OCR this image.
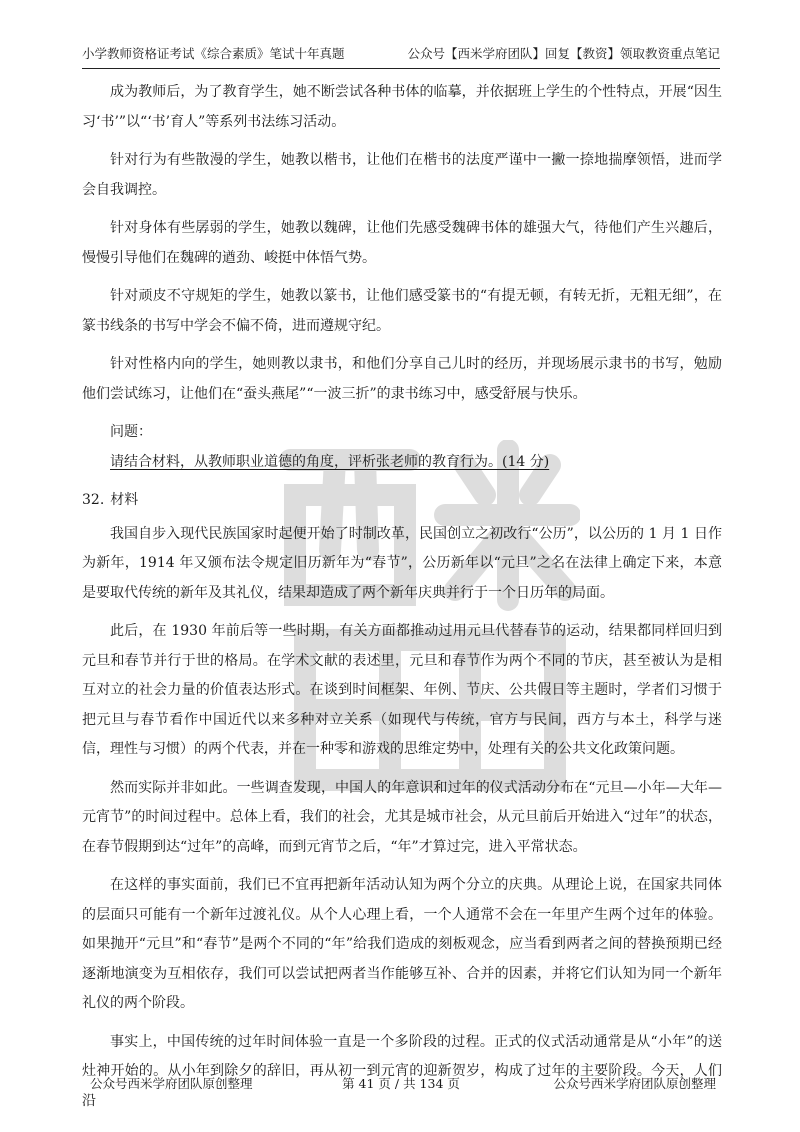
小学教师资格证考试《综合素质》笔试十年真题	公众号【西米学府团队】回复【教资】领取教资重点笔记

成为教师后，为了教育学生，她不断尝试各种书体的临摹，并依据班上学生的个性特点，开展“因生习‘书’”以“‘书’育人”等系列书法练习活动。

针对行为有些散漫的学生，她教以楷书，让他们在楷书的法度严谨中一撇一捺地揣摩领悟，进而学会自我调控。

针对身体有些孱弱的学生，她教以魏碑，让他们先感受魏碑书体的雄强大气，待他们产生兴趣后，慢慢引导他们在魏碑的遒劲、峻挺中体悟气势。

针对顽皮不守规矩的学生，她教以篆书，让他们感受篆书的“有提无顿，有转无折，无粗无细”，在篆书线条的书写中学会不偏不倚，进而遵规守纪。

针对性格内向的学生，她则教以隶书，和他们分享自己儿时的经历，并现场展示隶书的书写，勉励他们尝试练习，让他们在“蚕头燕尾”“一波三折”的隶书练习中，感受舒展与快乐。

问题：

请结合材料，从教师职业道德的角度，评析张老师的教育行为。(14 分)

32. 材料

我国自步入现代民族国家时起便开始了时制改革，民国创立之初改行“公历”，以公历的 1 月 1 日作为新年，1914 年又颁布法令规定旧历新年为“春节”，公历新年以“元旦”之名在法律上确定下来，本意是要取代传统的新年及其礼仪，结果却造成了两个新年庆典并行于一个日历年的局面。

此后，在 1930 年前后等一些时期，有关方面都推动过用元旦代替春节的运动，结果都同样回归到元旦和春节并行于世的格局。在学术文献的表述里，元旦和春节作为两个不同的节庆，甚至被认为是相互对立的社会力量的价值表达形式。在谈到时间框架、年例、节庆、公共假日等主题时，学者们习惯于把元旦与春节看作中国近代以来多种对立关系（如现代与传统，官方与民间，西方与本土，科学与迷信，理性与习惯）的两个代表，并在一种零和游戏的思维定势中，处理有关的公共文化政策问题。

然而实际并非如此。一些调查发现，中国人的年意识和过年的仪式活动分布在“元旦—小年—大年—元宵节”的时间过程中。总体上看，我们的社会，尤其是城市社会，从元旦前后开始进入“过年”的状态，在春节假期到达“过年”的高峰，而到元宵节之后，“年”才算过完，进入平常状态。

在这样的事实面前，我们已不宜再把新年活动认知为两个分立的庆典。从理论上说，在国家共同体的层面只可能有一个新年过渡礼仪。从个人心理上看，一个人通常不会在一年里产生两个过年的体验。如果抛开“元旦”和“春节”是两个不同的“年”给我们造成的刻板观念，应当看到两者之间的替换预期已经逐渐地演变为互相依存，我们可以尝试把两者当作能够互补、合并的因素，并将它们认知为同一个新年礼仪的两个阶段。

事实上，中国传统的过年时间体验一直是一个多阶段的过程。正式的仪式活动通常是从“小年”的送灶神开始的。从小年到除夕的辞旧，再从初一到元宵的迎新贺岁，构成了过年的主要阶段。今天，人们沿

公众号西米学府团队原创整理	第 41 页 / 共 134 页	公众号西米学府团队原创整理
